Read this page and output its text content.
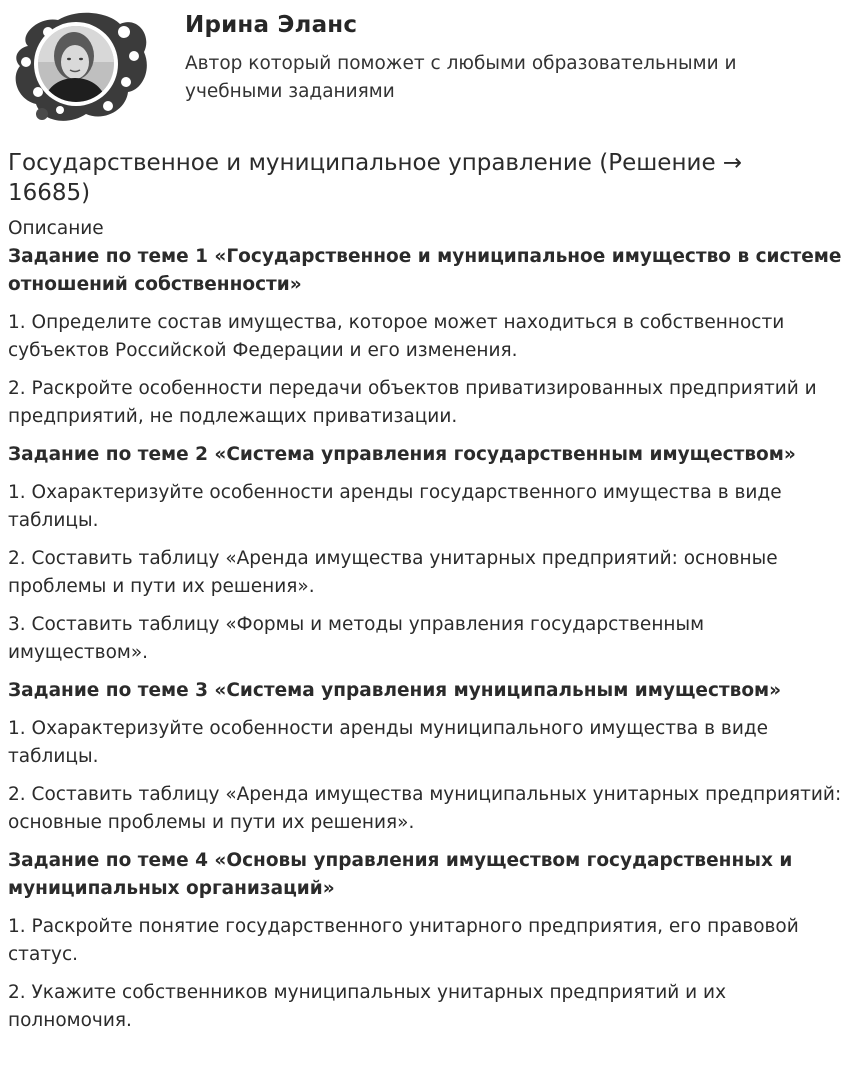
Ирина Эланс
Автор который поможет с любыми образовательными и учебными заданиями
Государственное и муниципальное управление (Решение → 16685)
Описание
Задание по теме 1 «Государственное и муниципальное имущество в системе отношений собственности»
1. Определите состав имущества, которое может находиться в собственности субъектов Российской Федерации и его изменения.
2. Раскройте особенности передачи объектов приватизированных предприятий и предприятий, не подлежащих приватизации.
Задание по теме 2 «Система управления государственным имуществом»
1. Охарактеризуйте особенности аренды государственного имущества в виде таблицы.
2. Составить таблицу «Аренда имущества унитарных предприятий: основные проблемы и пути их решения».
3. Составить таблицу «Формы и методы управления государственным имуществом».
Задание по теме 3 «Система управления муниципальным имуществом»
1. Охарактеризуйте особенности аренды муниципального имущества в виде таблицы.
2. Составить таблицу «Аренда имущества муниципальных унитарных предприятий: основные проблемы и пути их решения».
Задание по теме 4 «Основы управления имуществом государственных и муниципальных организаций»
1. Раскройте понятие государственного унитарного предприятия, его правовой статус.
2. Укажите собственников муниципальных унитарных предприятий и их полномочия.
